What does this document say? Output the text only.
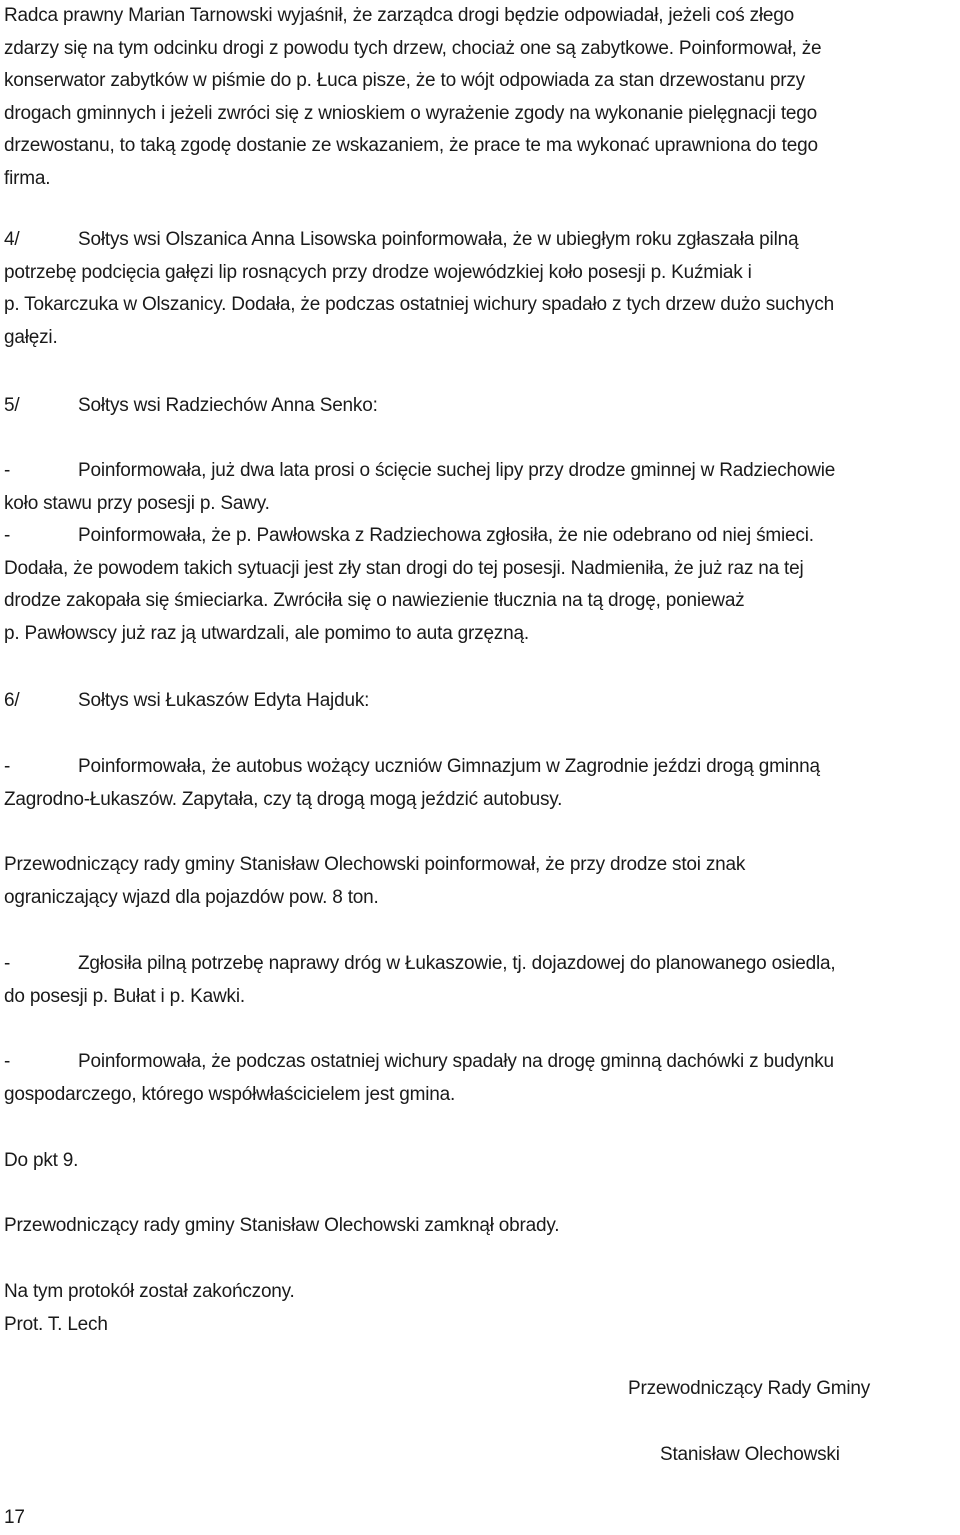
Radca prawny Marian Tarnowski wyjaśnił, że zarządca drogi będzie odpowiadał, jeżeli coś złego

zdarzy się na tym odcinku drogi z powodu tych drzew, chociaż one są zabytkowe. Poinformował, że

konserwator zabytków w piśmie do p. Łuca pisze, że to wójt odpowiada za stan drzewostanu przy

drogach gminnych i jeżeli zwróci się z wnioskiem o wyrażenie zgody na wykonanie pielęgnacji tego

drzewostanu, to taką zgodę dostanie ze wskazaniem, że prace te ma wykonać uprawniona do tego

firma.

4/	Sołtys wsi Olszanica Anna Lisowska poinformowała, że w ubiegłym roku zgłaszała pilną

potrzebę podcięcia gałęzi lip rosnących przy drodze wojewódzkiej koło posesji p. Kuźmiak i

p. Tokarczuka w Olszanicy. Dodała, że podczas ostatniej wichury spadało z tych drzew dużo suchych

gałęzi.

5/	Sołtys wsi Radziechów Anna Senko:

-	Poinformowała, już dwa lata prosi o ścięcie suchej lipy przy drodze gminnej w Radziechowie

koło stawu przy posesji p. Sawy.

-	Poinformowała, że p. Pawłowska z Radziechowa zgłosiła, że nie odebrano od niej śmieci.

Dodała, że powodem takich sytuacji jest zły stan drogi do tej posesji. Nadmieniła, że już raz na tej

drodze zakopała się śmieciarka. Zwróciła się o nawiezienie tłucznia na tą drogę, ponieważ

p. Pawłowscy już raz ją utwardzali, ale pomimo to auta grzęzną.

6/	Sołtys wsi Łukaszów Edyta Hajduk:

-	Poinformowała, że autobus wożący uczniów Gimnazjum w Zagrodnie jeździ drogą gminną

Zagrodno-Łukaszów. Zapytała, czy tą drogą mogą jeździć autobusy.

Przewodniczący rady gminy Stanisław Olechowski poinformował, że przy drodze stoi znak

ograniczający wjazd dla pojazdów pow. 8 ton.

-	Zgłosiła pilną potrzebę naprawy dróg w Łukaszowie, tj. dojazdowej do planowanego osiedla,

do posesji p. Bułat i p. Kawki.

-	Poinformowała, że podczas ostatniej wichury spadały na drogę gminną dachówki z budynku

gospodarczego, którego współwłaścicielem jest gmina.

Do pkt 9.

Przewodniczący rady gminy Stanisław Olechowski zamknął obrady.

Na tym protokół został zakończony.

Prot. T. Lech

Przewodniczący Rady Gminy

Stanisław Olechowski

17
